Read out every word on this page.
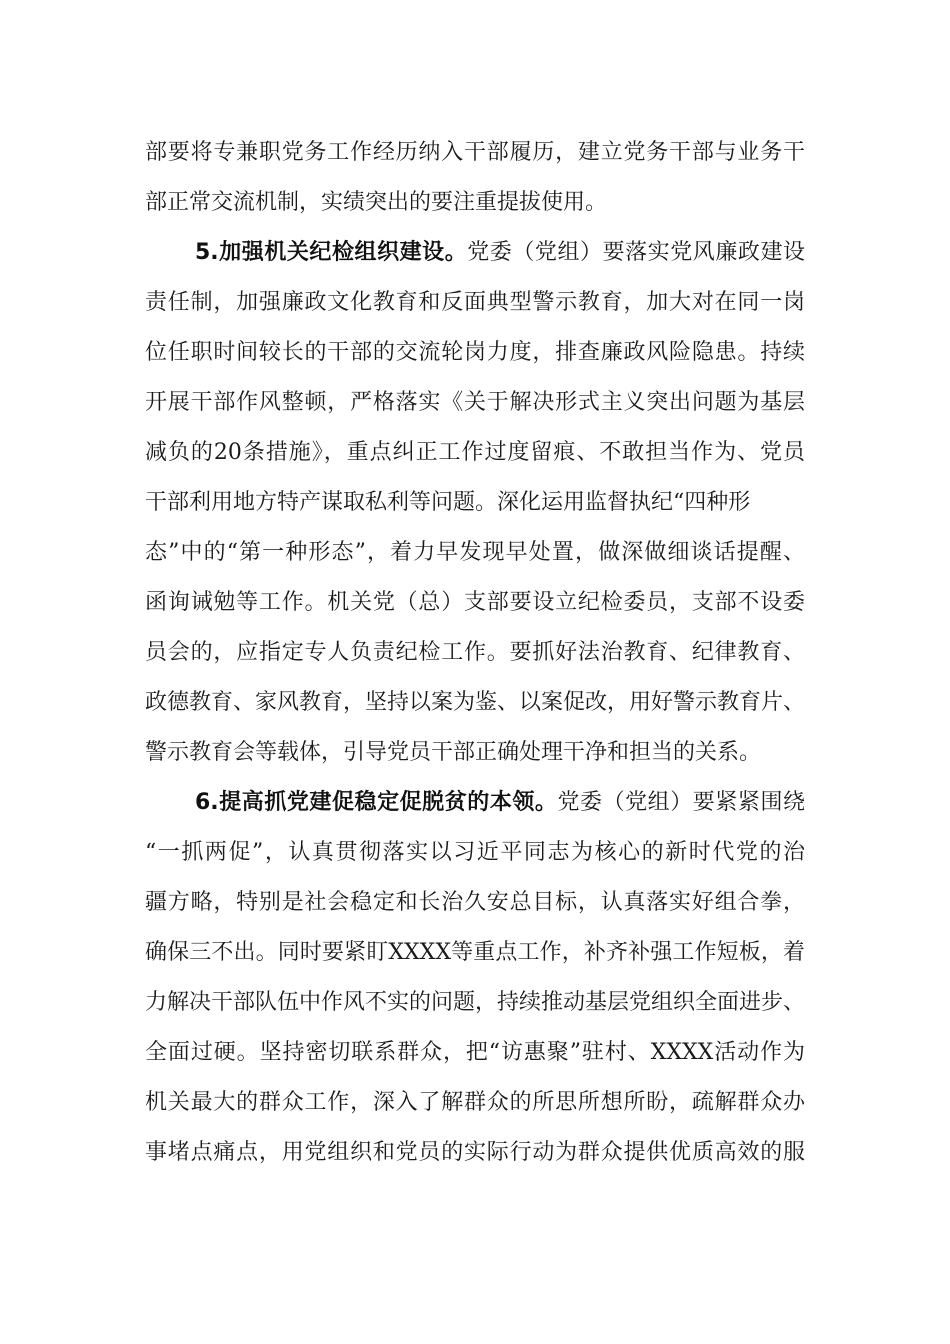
部要将专兼职党务工作经历纳入干部履历，建立党务干部与业务干
部正常交流机制，实绩突出的要注重提拔使用。
5.加强机关纪检组织建设。党委（党组）要落实党风廉政建设
责任制，加强廉政文化教育和反面典型警示教育，加大对在同一岗
位任职时间较长的干部的交流轮岗力度，排查廉政风险隐患。持续
开展干部作风整顿，严格落实《关于解决形式主义突出问题为基层
减负的20条措施》，重点纠正工作过度留痕、不敢担当作为、党员
干部利用地方特产谋取私利等问题。深化运用监督执纪“四种形
态”中的“第一种形态”，着力早发现早处置，做深做细谈话提醒、
函询诫勉等工作。机关党（总）支部要设立纪检委员，支部不设委
员会的，应指定专人负责纪检工作。要抓好法治教育、纪律教育、
政德教育、家风教育，坚持以案为鉴、以案促改，用好警示教育片、
警示教育会等载体，引导党员干部正确处理干净和担当的关系。
6.提高抓党建促稳定促脱贫的本领。党委（党组）要紧紧围绕
“一抓两促”，认真贯彻落实以习近平同志为核心的新时代党的治
疆方略，特别是社会稳定和长治久安总目标，认真落实好组合拳，
确保三不出。同时要紧盯XXXX等重点工作，补齐补强工作短板，着
力解决干部队伍中作风不实的问题，持续推动基层党组织全面进步、
全面过硬。坚持密切联系群众，把“访惠聚”驻村、XXXX活动作为
机关最大的群众工作，深入了解群众的所思所想所盼，疏解群众办
事堵点痛点，用党组织和党员的实际行动为群众提供优质高效的服
